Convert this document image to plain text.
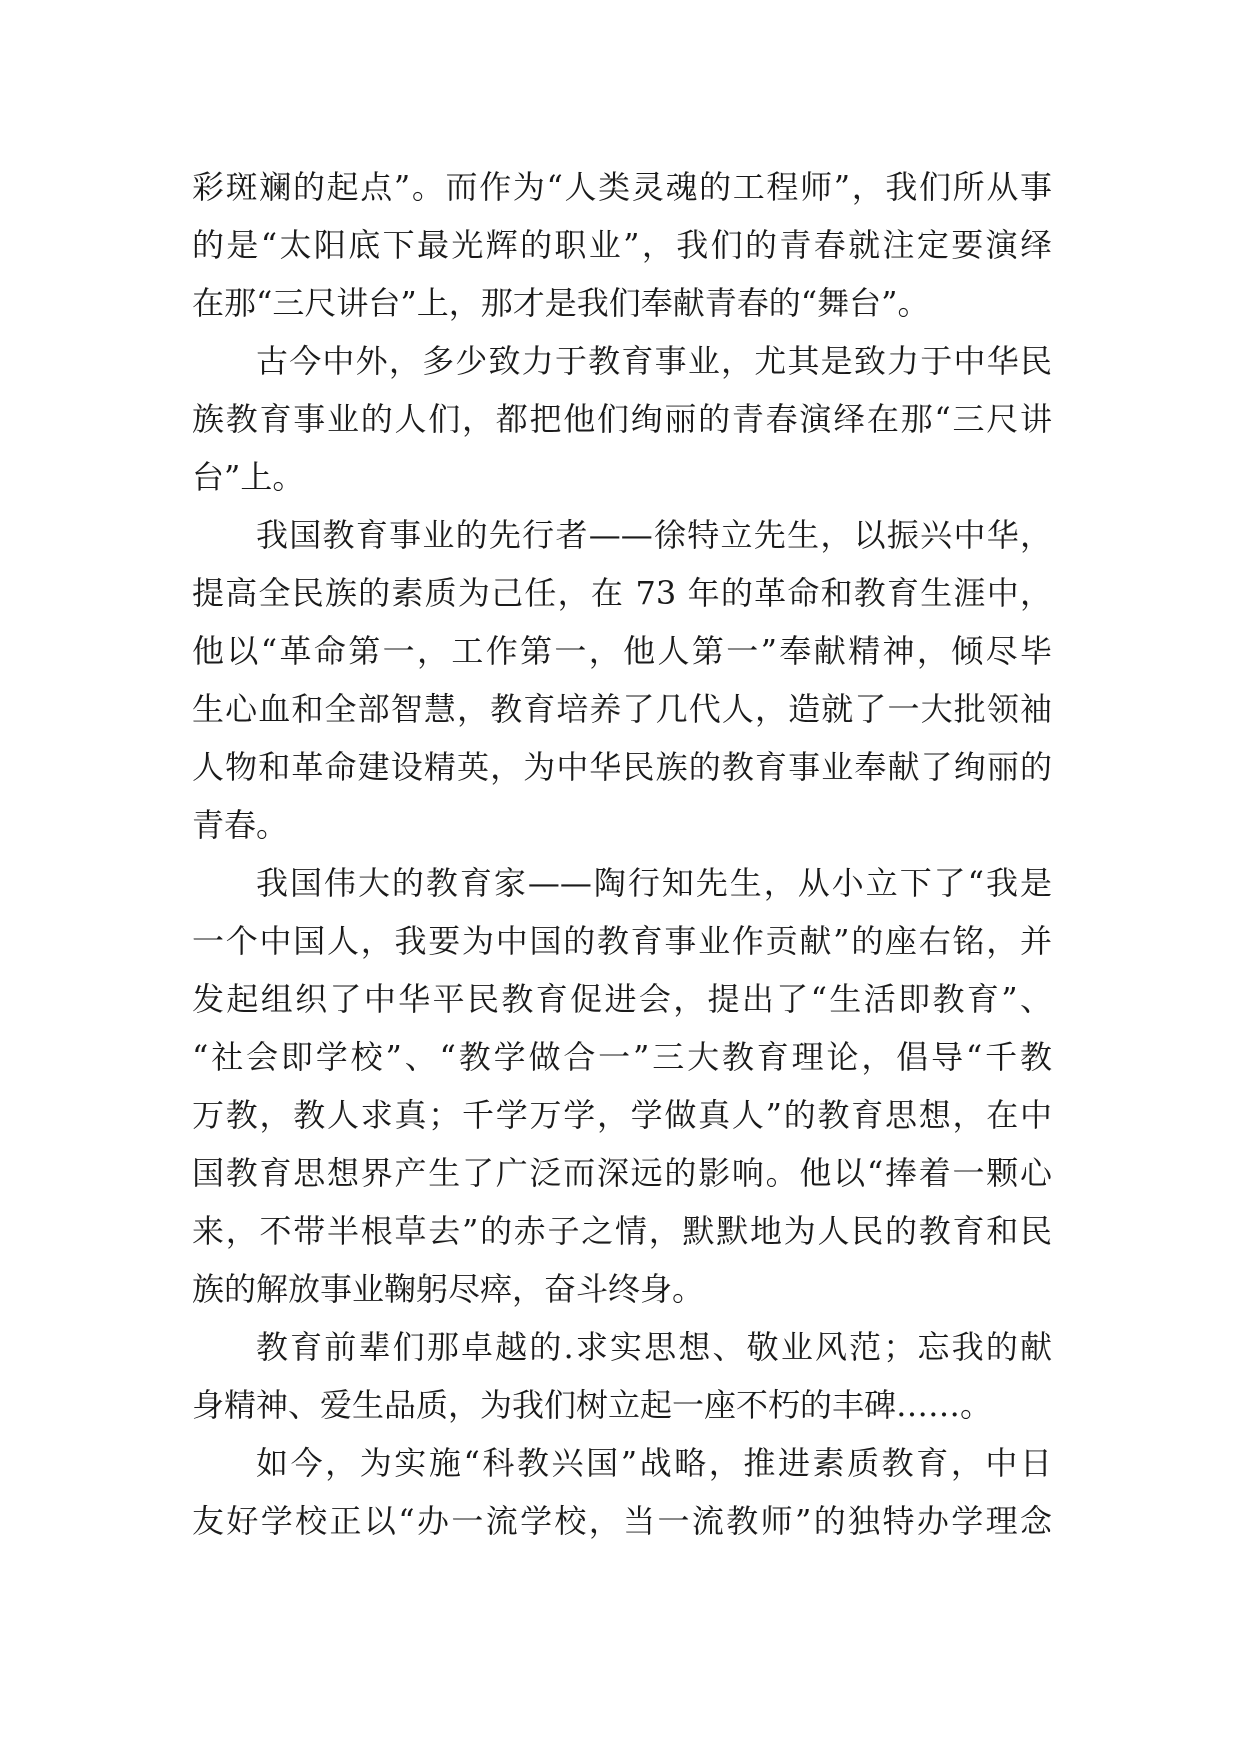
彩斑斓的起点”。而作为“人类灵魂的工程师”，我们所从事
的是“太阳底下最光辉的职业”，我们的青春就注定要演绎
在那“三尺讲台”上，那才是我们奉献青春的“舞台”。
古今中外，多少致力于教育事业，尤其是致力于中华民
族教育事业的人们，都把他们绚丽的青春演绎在那“三尺讲
台”上。
我国教育事业的先行者——徐特立先生，以振兴中华，
提高全民族的素质为己任，在 73 年的革命和教育生涯中，
他以“革命第一，工作第一，他人第一”奉献精神，倾尽毕
生心血和全部智慧，教育培养了几代人，造就了一大批领袖
人物和革命建设精英，为中华民族的教育事业奉献了绚丽的
青春。
我国伟大的教育家——陶行知先生，从小立下了“我是
一个中国人，我要为中国的教育事业作贡献”的座右铭，并
发起组织了中华平民教育促进会，提出了“生活即教育”、
“社会即学校”、“教学做合一”三大教育理论，倡导“千教
万教，教人求真；千学万学，学做真人”的教育思想，在中
国教育思想界产生了广泛而深远的影响。他以“捧着一颗心
来，不带半根草去”的赤子之情，默默地为人民的教育和民
族的解放事业鞠躬尽瘁，奋斗终身。
教育前辈们那卓越的.求实思想、敬业风范；忘我的献
身精神、爱生品质，为我们树立起一座不朽的丰碑……。
如今，为实施“科教兴国”战略，推进素质教育，中日
友好学校正以“办一流学校，当一流教师”的独特办学理念
